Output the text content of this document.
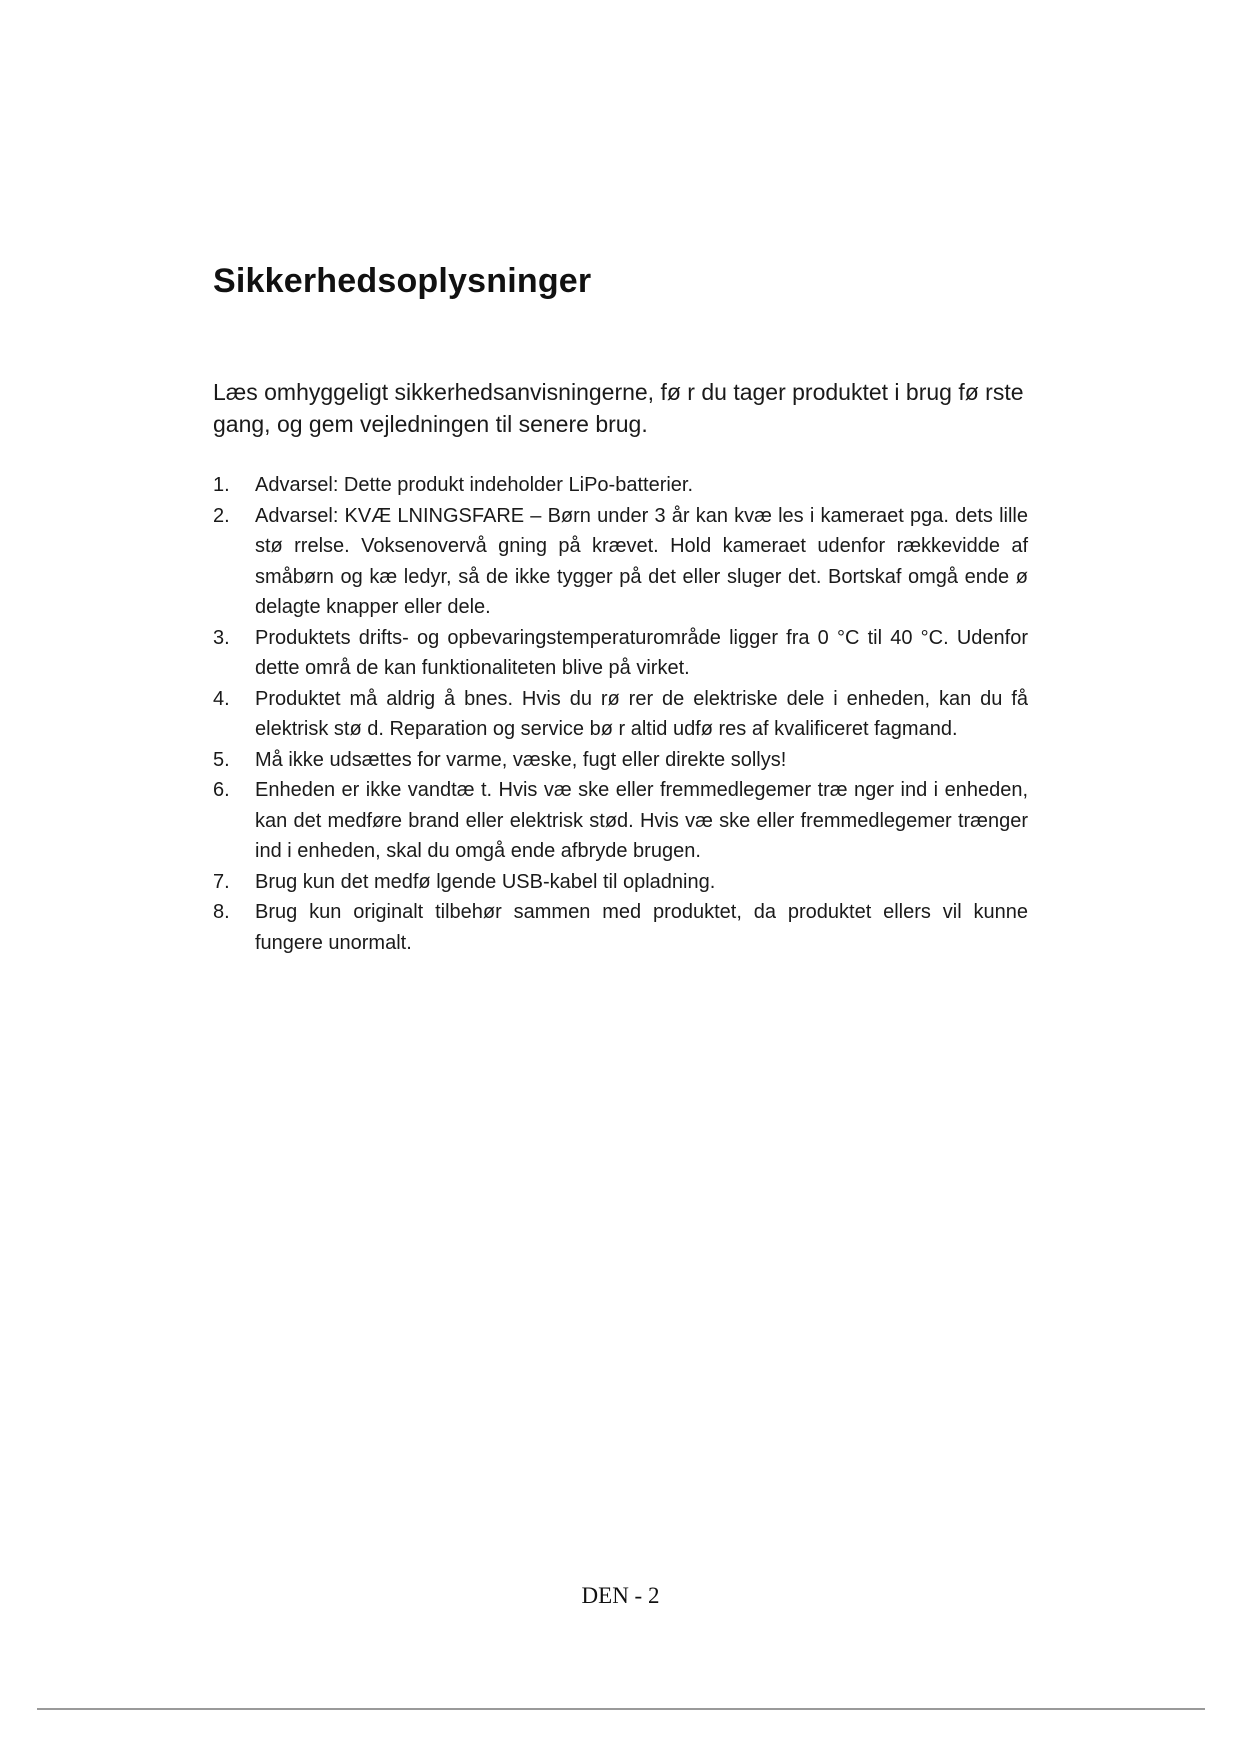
Sikkerhedsoplysninger

Læs omhyggeligt sikkerhedsanvisningerne, fø r du tager produktet i brug fø rste gang, og gem vejledningen til senere brug.

1. Advarsel: Dette produkt indeholder LiPo-batterier.
2. Advarsel: KVÆ LNINGSFARE – Børn under 3 år kan kvæ les i kameraet pga. dets lille stø rrelse. Voksenovervå gning på krævet. Hold kameraet udenfor rækkevidde af småbørn og kæ ledyr, så de ikke tygger på det eller sluger det. Bortskaf omgå ende ø delagte knapper eller dele.
3. Produktets drifts- og opbevaringstemperaturområde ligger fra 0 °C til 40 °C. Udenfor dette områ de kan funktionaliteten blive på virket.
4. Produktet må aldrig å bnes. Hvis du rø rer de elektriske dele i enheden, kan du få elektrisk stø d. Reparation og service bø r altid udfø res af kvalificeret fagmand.
5. Må ikke udsættes for varme, væske, fugt eller direkte sollys!
6. Enheden er ikke vandtæ t. Hvis væ ske eller fremmedlegemer træ nger ind i enheden, kan det medføre brand eller elektrisk stød. Hvis væ ske eller fremmedlegemer trænger ind i enheden, skal du omgå ende afbryde brugen.
7. Brug kun det medfø lgende USB-kabel til opladning.
8. Brug kun originalt tilbehør sammen med produktet, da produktet ellers vil kunne fungere unormalt.
DEN - 2
